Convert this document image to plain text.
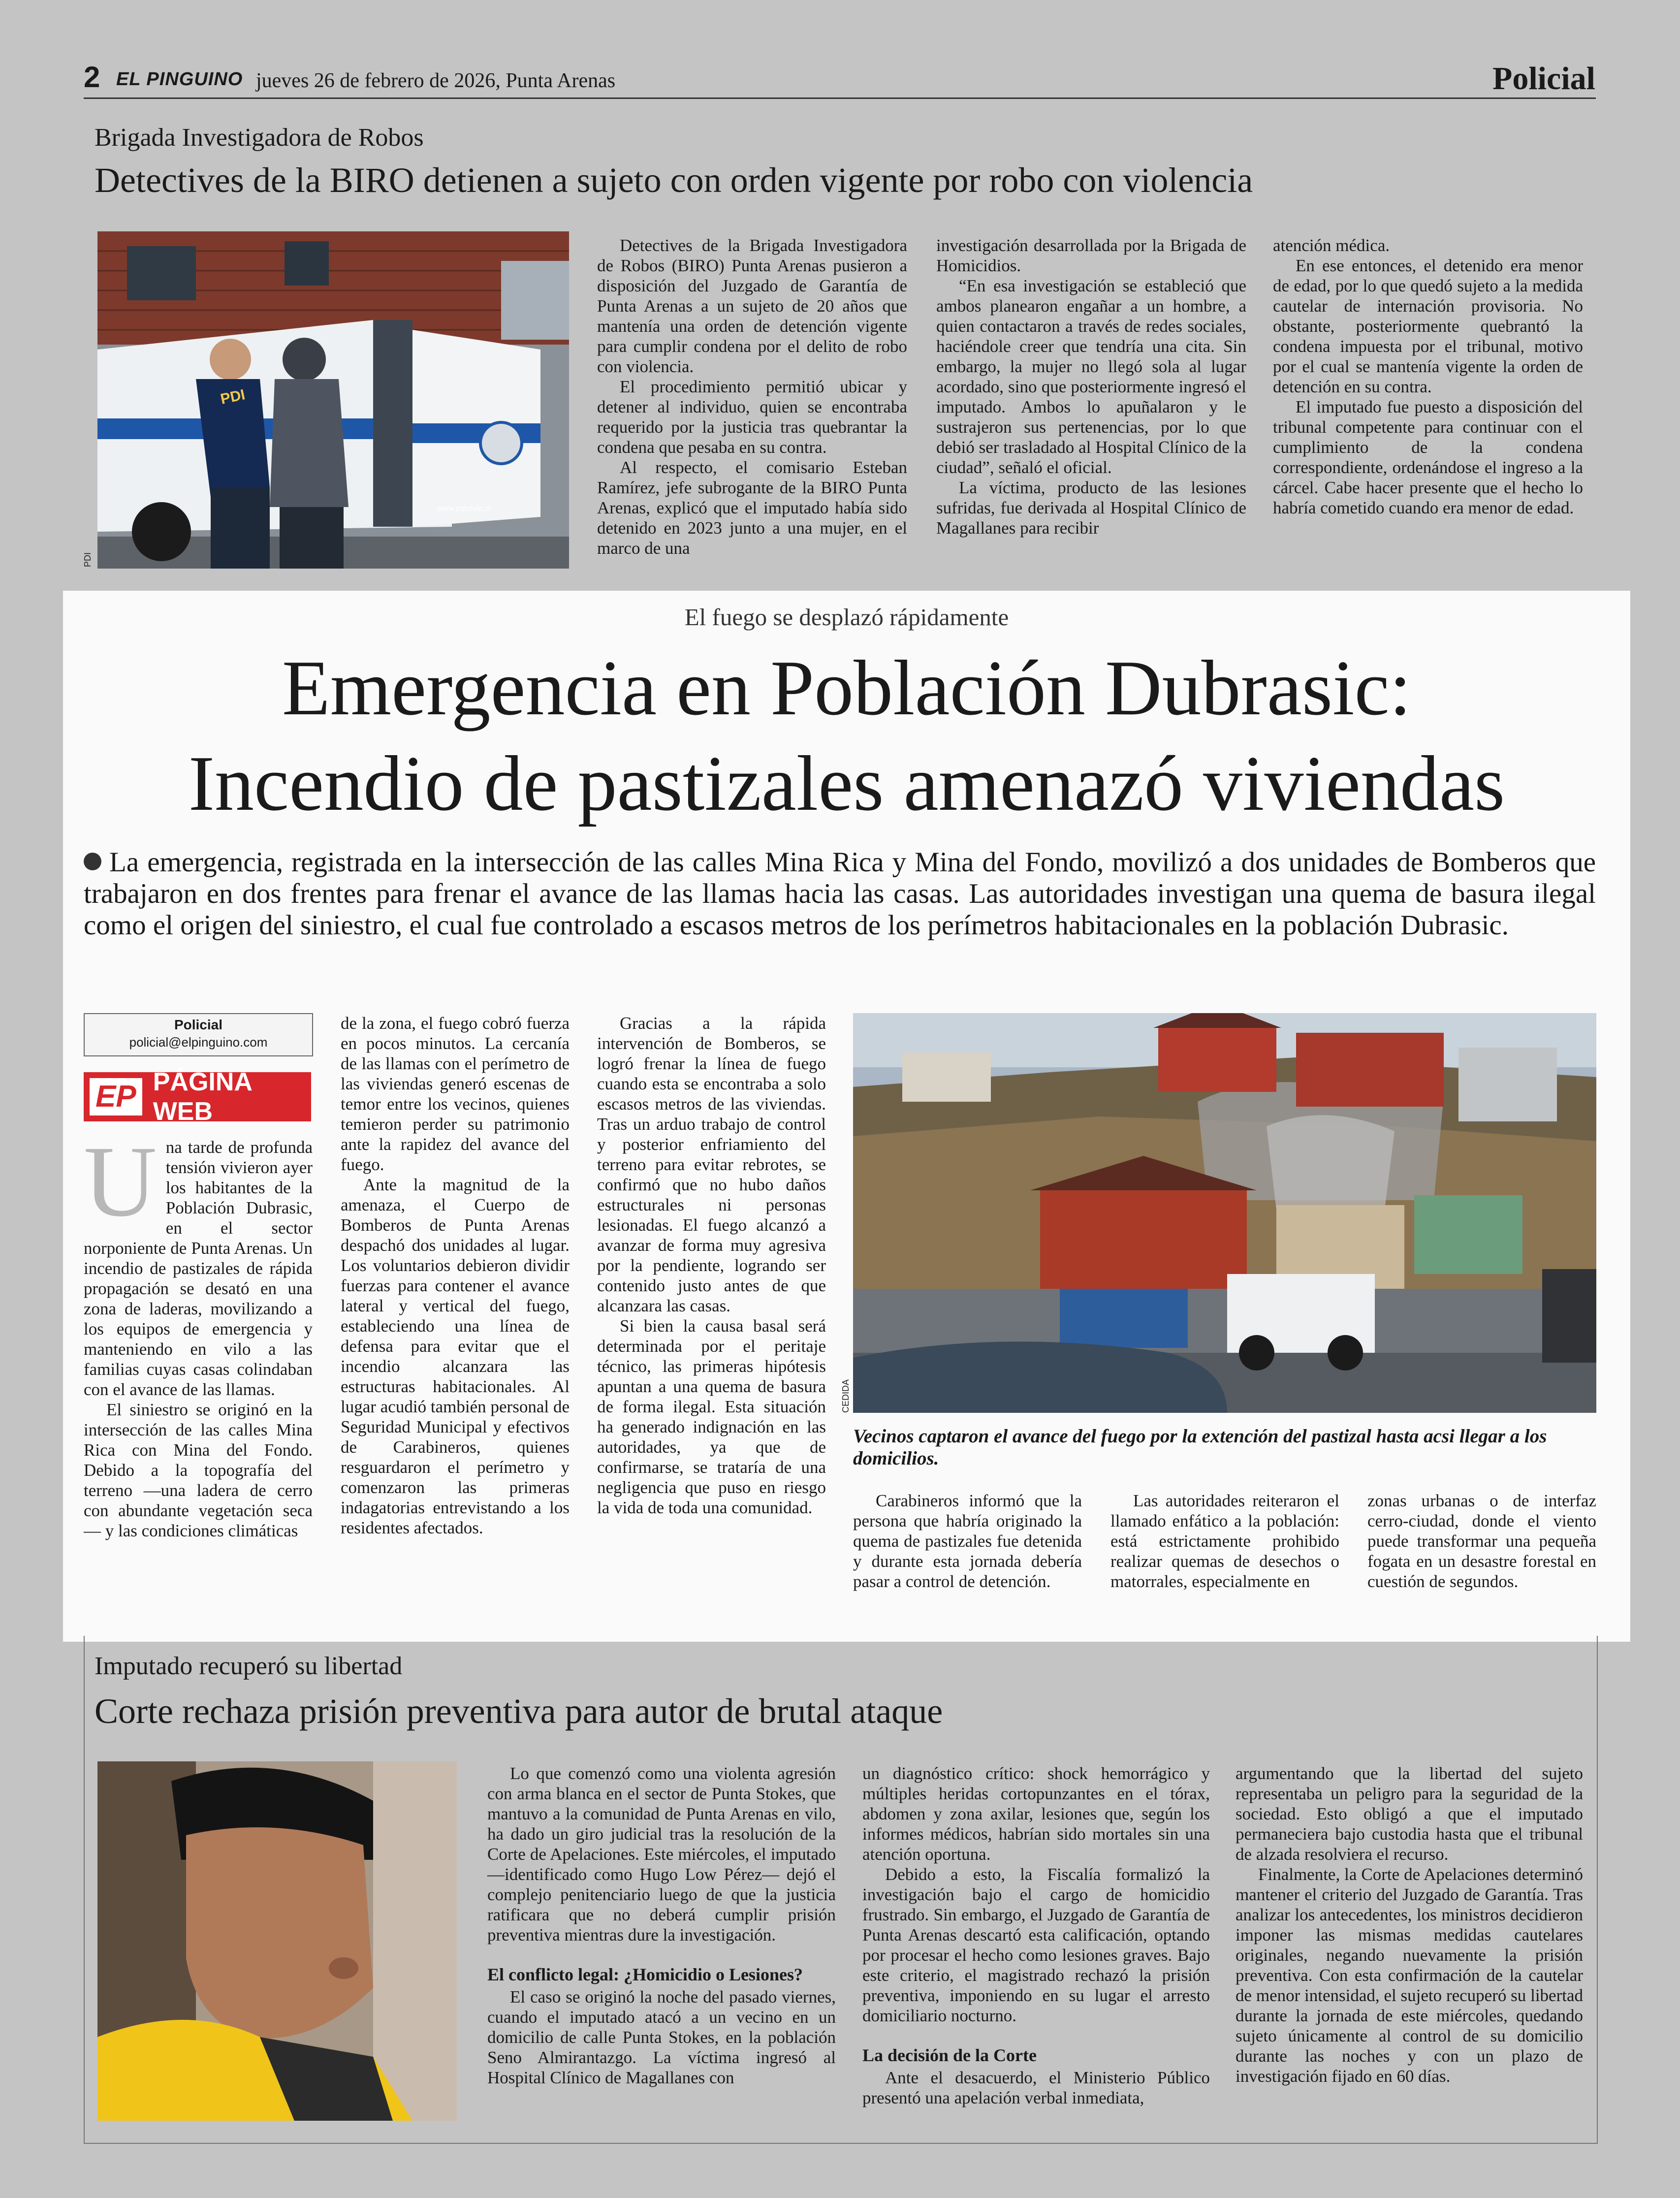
2 EL PINGUINO jueves 26 de febrero de 2026, Punta Arenas	Policial
Brigada Investigadora de Robos
Detectives de la BIRO detienen a sujeto con orden vigente por robo con violencia
PDI
www.pdichile.cl
PDI

Detectives de la Brigada Investigadora de Robos (BIRO) Punta Arenas pusieron a disposición del Juzgado de Garantía de Punta Arenas a un sujeto de 20 años que mantenía una orden de detención vigente para cumplir condena por el delito de robo con violencia.

El procedimiento permitió ubicar y detener al individuo, quien se encontraba requerido por la justicia tras quebrantar la condena que pesaba en su contra.

Al respecto, el comisario Esteban Ramírez, jefe subrogante de la BIRO Punta Arenas, explicó que el imputado había sido detenido en 2023 junto a una mujer, en el marco de una

investigación desarrollada por la Brigada de Homicidios.

“En esa investigación se estableció que ambos planearon engañar a un hombre, a quien contactaron a través de redes sociales, haciéndole creer que tendría una cita. Sin embargo, la mujer no llegó sola al lugar acordado, sino que posteriormente ingresó el imputado. Ambos lo apuñalaron y le sustrajeron sus pertenencias, por lo que debió ser trasladado al Hospital Clínico de la ciudad”, señaló el oficial.

La víctima, producto de las lesiones sufridas, fue derivada al Hospital Clínico de Magallanes para recibir

atención médica.

En ese entonces, el detenido era menor de edad, por lo que quedó sujeto a la medida cautelar de internación provisoria. No obstante, posteriormente quebrantó la condena impuesta por el tribunal, motivo por el cual se mantenía vigente la orden de detención en su contra.

El imputado fue puesto a disposición del tribunal competente para continuar con el cumplimiento de la condena correspondiente, ordenándose el ingreso a la cárcel. Cabe hacer presente que el hecho lo habría cometido cuando era menor de edad.

El fuego se desplazó rápidamente
Emergencia en Población Dubrasic:
Incendio de pastizales amenazó viviendas
La emergencia, registrada en la intersección de las calles Mina Rica y Mina del Fondo, movilizó a dos unidades de Bomberos que trabajaron en dos frentes para frenar el avance de las llamas hacia las casas. Las autoridades investigan una quema de basura ilegal como el origen del siniestro, el cual fue controlado a escasos metros de los perímetros habitacionales en la población Dubrasic.
Policial
policial@elpinguino.com
EP PÁGINA WEB

Una tarde de profunda tensión vivieron ayer los habitantes de la Población Dubrasic, en el sector norponiente de Punta Arenas. Un incendio de pastizales de rápida propagación se desató en una zona de laderas, movilizando a los equipos de emergencia y manteniendo en vilo a las familias cuyas casas colindaban con el avance de las llamas.

El siniestro se originó en la intersección de las calles Mina Rica con Mina del Fondo. Debido a la topografía del terreno —una ladera de cerro con abundante vegetación seca— y las condiciones climáticas

de la zona, el fuego cobró fuerza en pocos minutos. La cercanía de las llamas con el perímetro de las viviendas generó escenas de temor entre los vecinos, quienes temieron perder su patrimonio ante la rapidez del avance del fuego.

Ante la magnitud de la amenaza, el Cuerpo de Bomberos de Punta Arenas despachó dos unidades al lugar. Los voluntarios debieron dividir fuerzas para contener el avance lateral y vertical del fuego, estableciendo una línea de defensa para evitar que el incendio alcanzara las estructuras habitacionales. Al lugar acudió también personal de Seguridad Municipal y efectivos de Carabineros, quienes resguardaron el perímetro y comenzaron las primeras indagatorias entrevistando a los residentes afectados.

Gracias a la rápida intervención de Bomberos, se logró frenar la línea de fuego cuando esta se encontraba a solo escasos metros de las viviendas. Tras un arduo trabajo de control y posterior enfriamiento del terreno para evitar rebrotes, se confirmó que no hubo daños estructurales ni personas lesionadas. El fuego alcanzó a avanzar de forma muy agresiva por la pendiente, logrando ser contenido justo antes de que alcanzara las casas.

Si bien la causa basal será determinada por el peritaje técnico, las primeras hipótesis apuntan a una quema de basura de forma ilegal. Esta situación ha generado indignación en las autoridades, ya que de confirmarse, se trataría de una negligencia que puso en riesgo la vida de toda una comunidad.

CEDIDA
Vecinos captaron el avance del fuego por la extención del pastizal hasta acsi llegar a los domicilios.

Carabineros informó que la persona que habría originado la quema de pastizales fue detenida y durante esta jornada debería pasar a control de detención.

Las autoridades reiteraron el llamado enfático a la población: está estrictamente prohibido realizar quemas de desechos o matorrales, especialmente en

zonas urbanas o de interfaz cerro-ciudad, donde el viento puede transformar una pequeña fogata en un desastre forestal en cuestión de segundos.

Imputado recuperó su libertad
Corte rechaza prisión preventiva para autor de brutal ataque

Lo que comenzó como una violenta agresión con arma blanca en el sector de Punta Stokes, que mantuvo a la comunidad de Punta Arenas en vilo, ha dado un giro judicial tras la resolución de la Corte de Apelaciones. Este miércoles, el imputado —identificado como Hugo Low Pérez— dejó el complejo penitenciario luego de que la justicia ratificara que no deberá cumplir prisión preventiva mientras dure la investigación.

El conflicto legal: ¿Homicidio o Lesiones?

El caso se originó la noche del pasado viernes, cuando el imputado atacó a un vecino en un domicilio de calle Punta Stokes, en la población Seno Almirantazgo. La víctima ingresó al Hospital Clínico de Magallanes con

un diagnóstico crítico: shock hemorrágico y múltiples heridas cortopunzantes en el tórax, abdomen y zona axilar, lesiones que, según los informes médicos, habrían sido mortales sin una atención oportuna.

Debido a esto, la Fiscalía formalizó la investigación bajo el cargo de homicidio frustrado. Sin embargo, el Juzgado de Garantía de Punta Arenas descartó esta calificación, optando por procesar el hecho como lesiones graves. Bajo este criterio, el magistrado rechazó la prisión preventiva, imponiendo en su lugar el arresto domiciliario nocturno.

La decisión de la Corte

Ante el desacuerdo, el Ministerio Público presentó una apelación verbal inmediata,

argumentando que la libertad del sujeto representaba un peligro para la seguridad de la sociedad. Esto obligó a que el imputado permaneciera bajo custodia hasta que el tribunal de alzada resolviera el recurso.

Finalmente, la Corte de Apelaciones determinó mantener el criterio del Juzgado de Garantía. Tras analizar los antecedentes, los ministros decidieron imponer las mismas medidas cautelares originales, negando nuevamente la prisión preventiva. Con esta confirmación de la cautelar de menor intensidad, el sujeto recuperó su libertad durante la jornada de este miércoles, quedando sujeto únicamente al control de su domicilio durante las noches y con un plazo de investigación fijado en 60 días.
